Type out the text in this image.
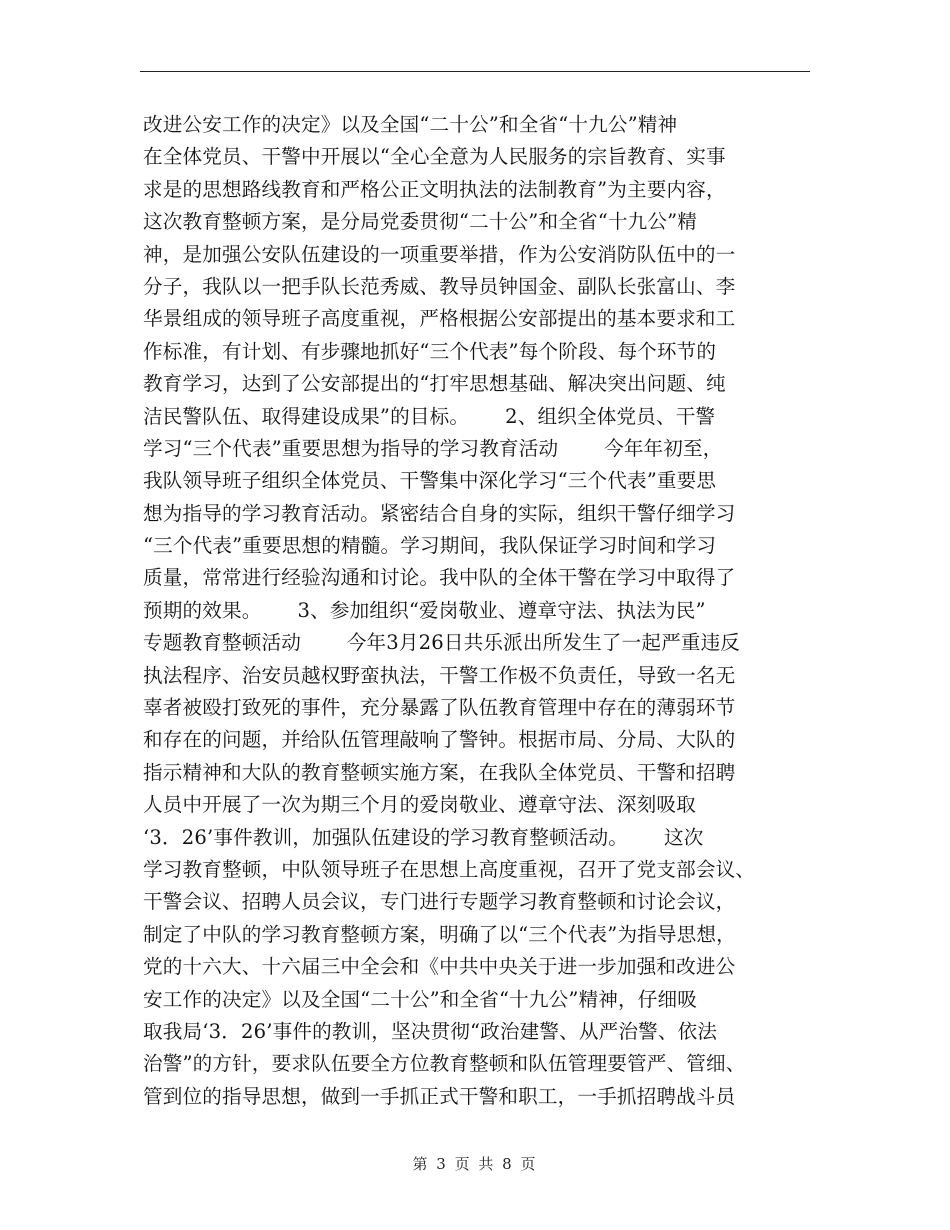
改进公安工作的决定》以及全国“二十公”和全省“十九公”精神
在全体党员、干警中开展以“全心全意为人民服务的宗旨教育、实事
求是的思想路线教育和严格公正文明执法的法制教育”为主要内容，
这次教育整顿方案，是分局党委贯彻“二十公”和全省“十九公”精
神，是加强公安队伍建设的一项重要举措，作为公安消防队伍中的一
分子，我队以一把手队长范秀威、教导员钟国金、副队长张富山、李
华景组成的领导班子高度重视，严格根据公安部提出的基本要求和工
作标准，有计划、有步骤地抓好“三个代表”每个阶段、每个环节的
教育学习，达到了公安部提出的“打牢思想基础、解决突出问题、纯
洁民警队伍、取得建设成果”的目标。　　 2、组织全体党员、干警
学习“三个代表”重要思想为指导的学习教育活动　　 今年年初至，
我队领导班子组织全体党员、干警集中深化学习“三个代表”重要思
想为指导的学习教育活动。紧密结合自身的实际，组织干警仔细学习
“三个代表”重要思想的精髓。学习期间，我队保证学习时间和学习
质量，常常进行经验沟通和讨论。我中队的全体干警在学习中取得了
预期的效果。　　 3、参加组织“爱岗敬业、遵章守法、执法为民”
专题教育整顿活动　　 今年3月26日共乐派出所发生了一起严重违反
执法程序、治安员越权野蛮执法，干警工作极不负责任，导致一名无
辜者被殴打致死的事件，充分暴露了队伍教育管理中存在的薄弱环节
和存在的问题，并给队伍管理敲响了警钟。根据市局、分局、大队的
指示精神和大队的教育整顿实施方案，在我队全体党员、干警和招聘
人员中开展了一次为期三个月的爱岗敬业、遵章守法、深刻吸取
‘3．26’事件教训，加强队伍建设的学习教育整顿活动。　　 这次
学习教育整顿，中队领导班子在思想上高度重视，召开了党支部会议、
干警会议、招聘人员会议，专门进行专题学习教育整顿和讨论会议，
制定了中队的学习教育整顿方案，明确了以“三个代表”为指导思想，
党的十六大、十六届三中全会和《中共中央关于进一步加强和改进公
安工作的决定》以及全国“二十公”和全省“十九公”精神，仔细吸
取我局‘3．26’事件的教训，坚决贯彻“政治建警、从严治警、依法
治警”的方针，要求队伍要全方位教育整顿和队伍管理要管严、管细、
管到位的指导思想，做到一手抓正式干警和职工，一手抓招聘战斗员
第 3 页 共 8 页
